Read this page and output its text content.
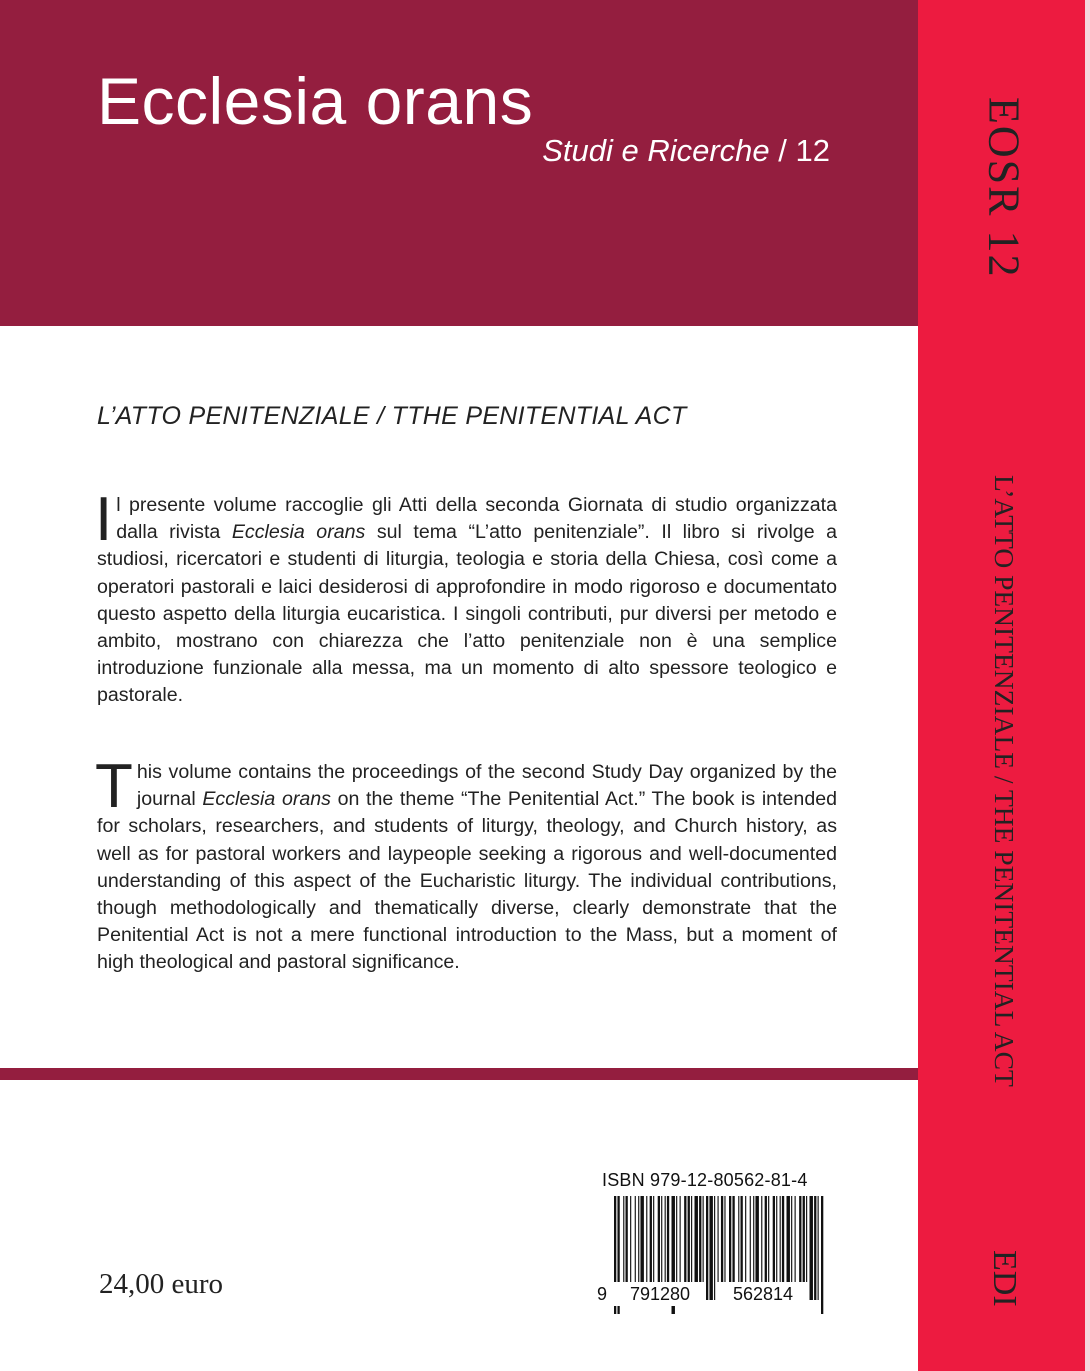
Ecclesia orans
Studi e Ricerche / 12
L’ATTO PENITENZIALE / TTHE PENITENTIAL ACT

Il presente volume raccoglie gli Atti della seconda Giornata di studio organizzata dalla rivista Ecclesia orans sul tema “L’atto penitenziale”. Il libro si rivolge a studiosi, ricercatori e studenti di liturgia, teologia e storia della Chiesa, così come a operatori pastorali e laici desiderosi di approfondire in modo rigoroso e documentato questo aspetto della liturgia eucaristica. I singoli contributi, pur diversi per metodo e ambito, mostrano con chiarezza che l’atto penitenziale non è una semplice introduzione funzionale alla messa, ma un momento di alto spessore teologico e pastorale.

This volume contains the proceedings of the second Study Day organized by the journal Ecclesia orans on the theme “The Penitential Act.” The book is intended for scholars, researchers, and students of liturgy, theology, and Church history, as well as for pastoral workers and laypeople seeking a rigorous and well-documented understanding of this aspect of the Eucharistic liturgy. The individual contributions, though methodologically and thematically diverse, clearly demonstrate that the Penitential Act is not a mere functional introduction to the Mass, but a moment of high theological and pastoral significance.

24,00 euro
ISBN 979-12-80562-81-4
9	791280	562814
EOSR 12
L’ATTO PENITENZIALE / THE PENITENTIAL ACT
EDI
